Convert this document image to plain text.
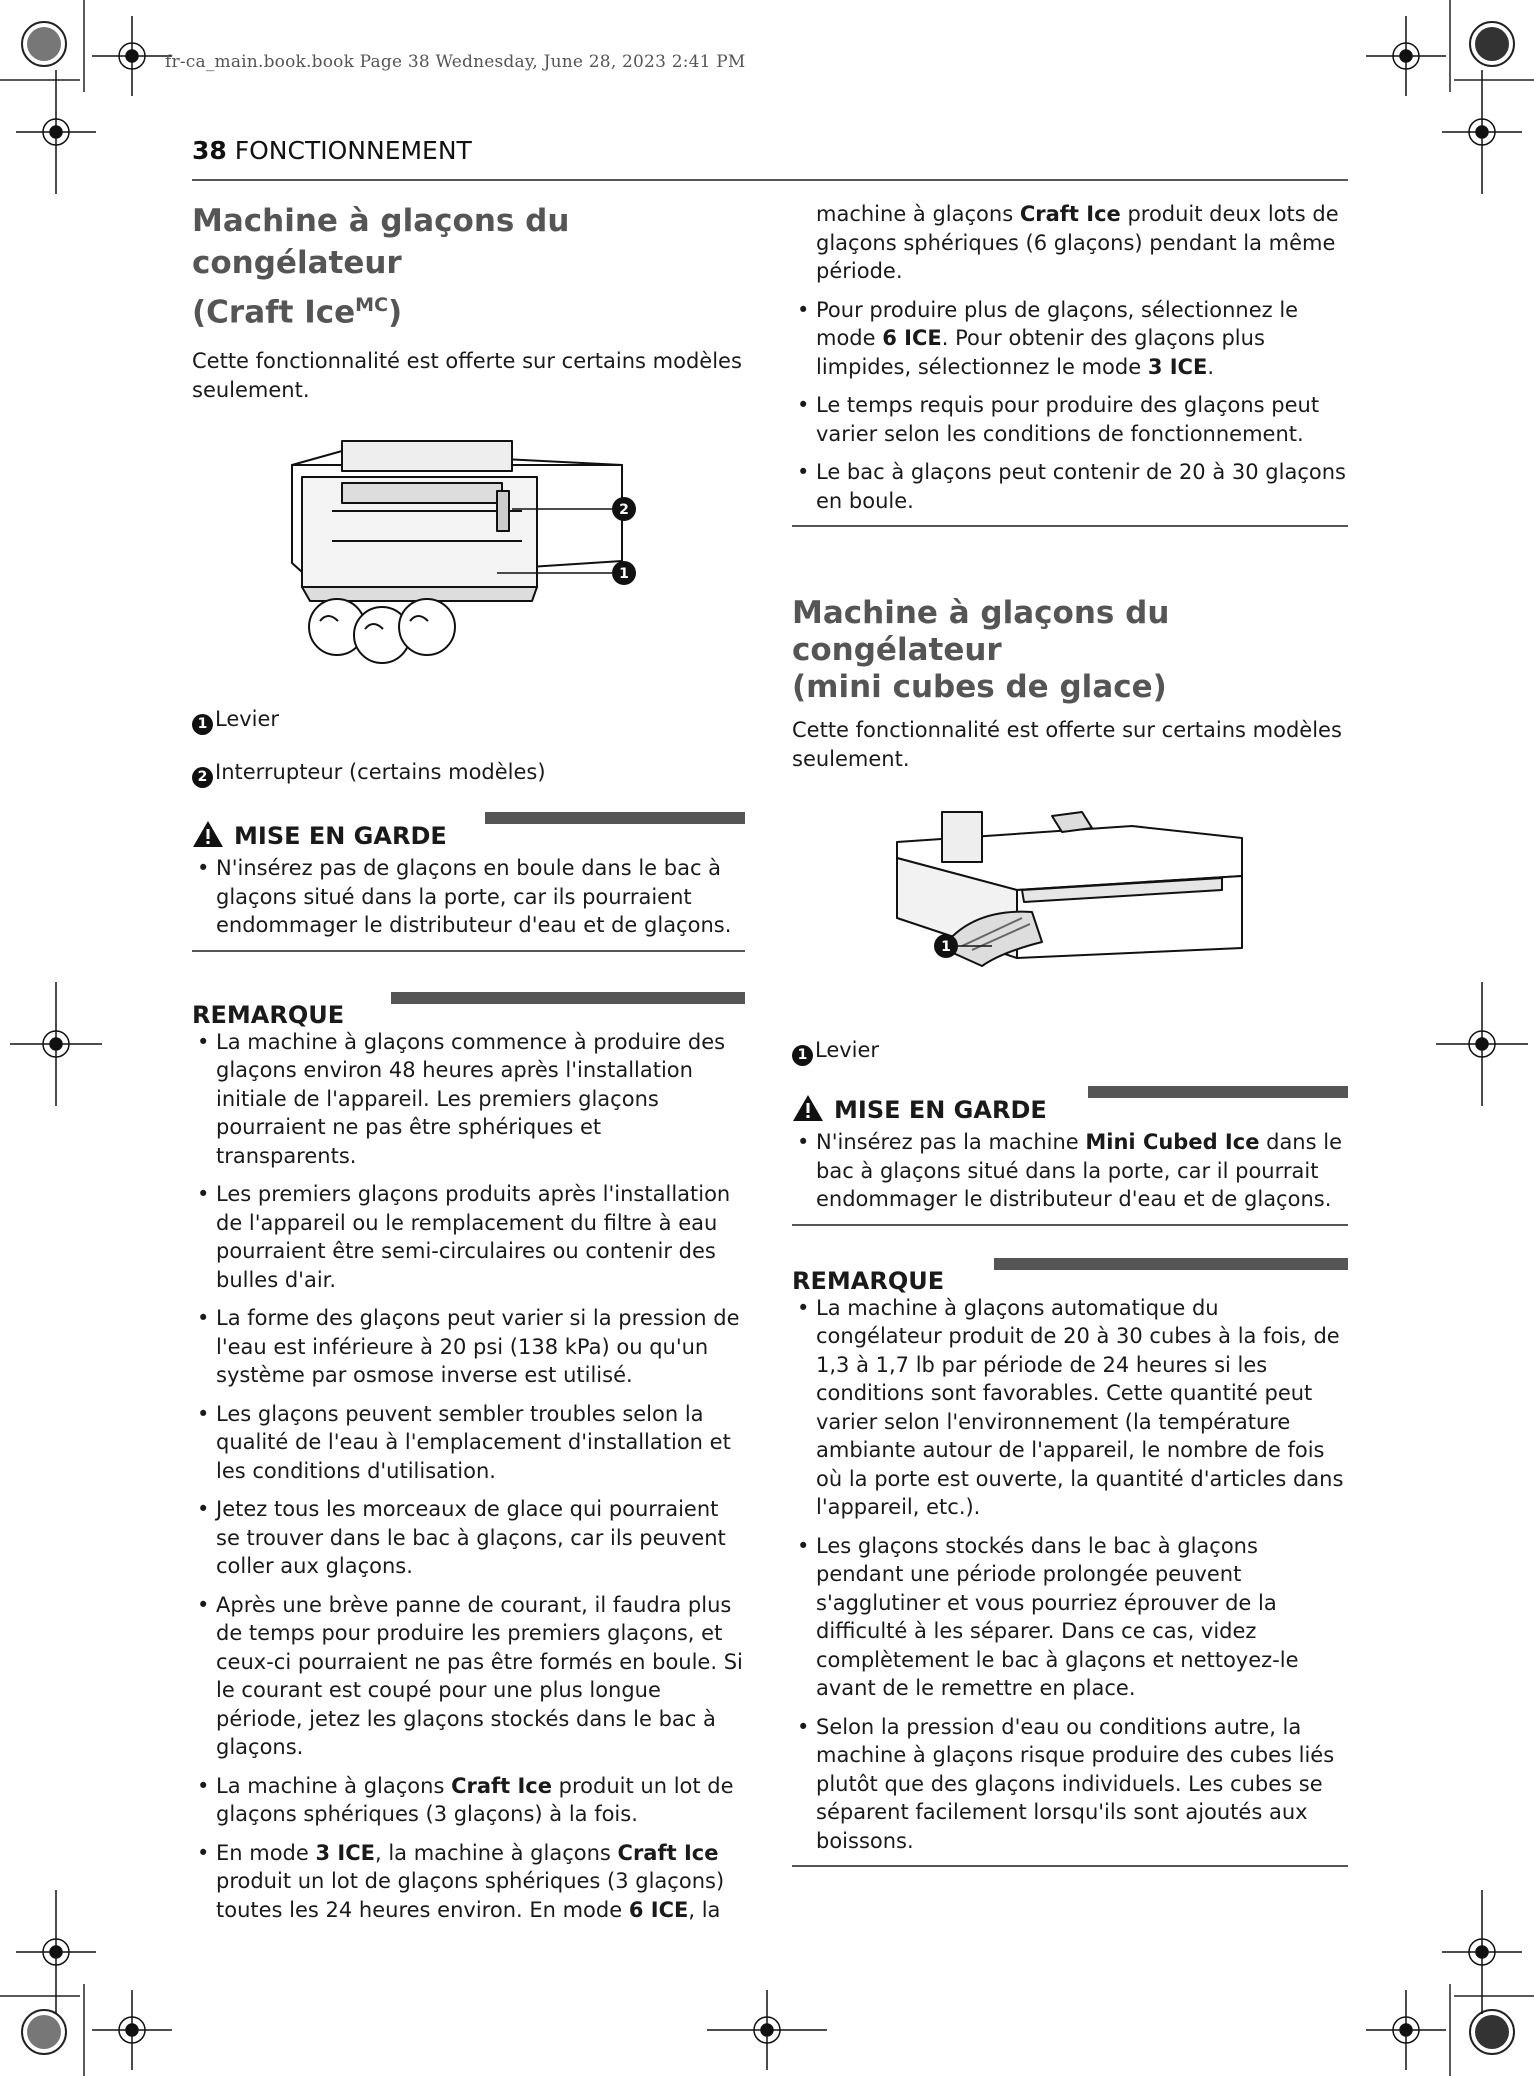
fr-ca_main.book.book Page 38 Wednesday, June 28, 2023 2:41 PM
38 FONCTIONNEMENT
Machine à glaçons du congélateur
(Craft Ice$^{MC}$)

Cette fonctionnalité est offerte sur certains modèles seulement.

2
1
1 Levier
2 Interrupteur (certains modèles)
MISE EN GARDE
• N'insérez pas de glaçons en boule dans le bac à glaçons situé dans la porte, car ils pourraient endommager le distributeur d'eau et de glaçons.
REMARQUE
• La machine à glaçons commence à produire des glaçons environ 48 heures après l'installation initiale de l'appareil. Les premiers glaçons pourraient ne pas être sphériques et transparents.
• Les premiers glaçons produits après l'installation de l'appareil ou le remplacement du filtre à eau pourraient être semi-circulaires ou contenir des bulles d'air.
• La forme des glaçons peut varier si la pression de l'eau est inférieure à 20 psi (138 kPa) ou qu'un système par osmose inverse est utilisé.
• Les glaçons peuvent sembler troubles selon la qualité de l'eau à l'emplacement d'installation et les conditions d'utilisation.
• Jetez tous les morceaux de glace qui pourraient se trouver dans le bac à glaçons, car ils peuvent coller aux glaçons.
• Après une brève panne de courant, il faudra plus de temps pour produire les premiers glaçons, et ceux-ci pourraient ne pas être formés en boule. Si le courant est coupé pour une plus longue période, jetez les glaçons stockés dans le bac à glaçons.
• La machine à glaçons Craft Ice produit un lot de glaçons sphériques (3 glaçons) à la fois.
• En mode 3 ICE, la machine à glaçons Craft Ice produit un lot de glaçons sphériques (3 glaçons) toutes les 24 heures environ. En mode 6 ICE, la

machine à glaçons Craft Ice produit deux lots de glaçons sphériques (6 glaçons) pendant la même période.

• Pour produire plus de glaçons, sélectionnez le mode 6 ICE. Pour obtenir des glaçons plus limpides, sélectionnez le mode 3 ICE.
• Le temps requis pour produire des glaçons peut varier selon les conditions de fonctionnement.
• Le bac à glaçons peut contenir de 20 à 30 glaçons en boule.
Machine à glaçons du congélateur
(mini cubes de glace)

Cette fonctionnalité est offerte sur certains modèles seulement.

1
1 Levier
MISE EN GARDE
• N'insérez pas la machine Mini Cubed Ice dans le bac à glaçons situé dans la porte, car il pourrait endommager le distributeur d'eau et de glaçons.
REMARQUE
• La machine à glaçons automatique du congélateur produit de 20 à 30 cubes à la fois, de 1,3 à 1,7 lb par période de 24 heures si les conditions sont favorables. Cette quantité peut varier selon l'environnement (la température ambiante autour de l'appareil, le nombre de fois où la porte est ouverte, la quantité d'articles dans l'appareil, etc.).
• Les glaçons stockés dans le bac à glaçons pendant une période prolongée peuvent s'agglutiner et vous pourriez éprouver de la difficulté à les séparer. Dans ce cas, videz complètement le bac à glaçons et nettoyez-le avant de le remettre en place.
• Selon la pression d'eau ou conditions autre, la machine à glaçons risque produire des cubes liés plutôt que des glaçons individuels. Les cubes se séparent facilement lorsqu'ils sont ajoutés aux boissons.
